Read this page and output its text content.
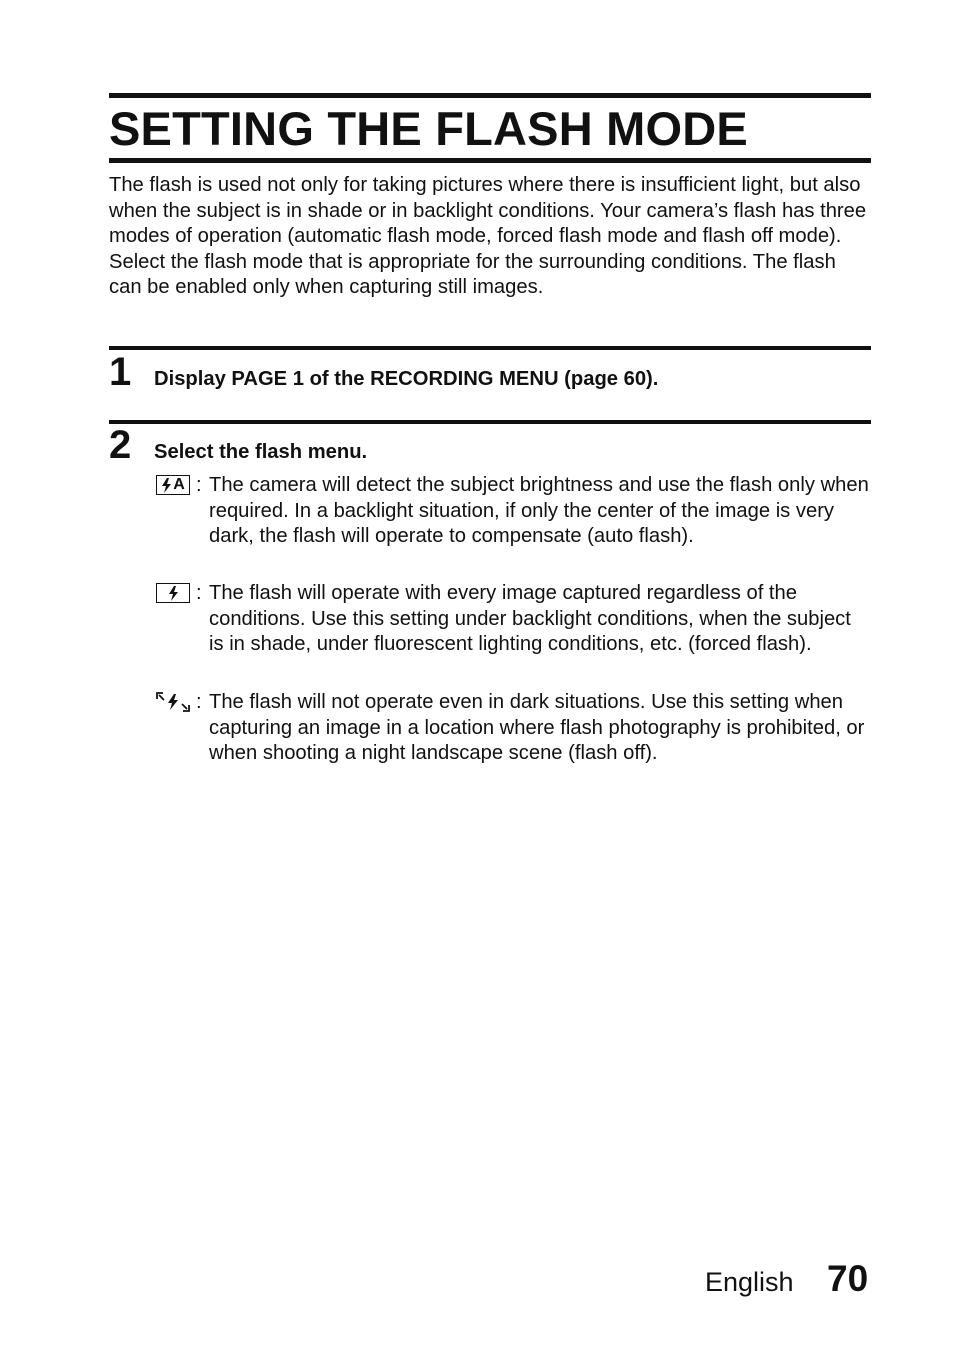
SETTING THE FLASH MODE

The flash is used not only for taking pictures where there is insufficient light, but also when the subject is in shade or in backlight conditions. Your camera’s flash has three modes of operation (automatic flash mode, forced flash mode and flash off mode). Select the flash mode that is appropriate for the surrounding conditions. The flash can be enabled only when capturing still images.

1 Display PAGE 1 of the RECORDING MENU (page 60).
2 Select the flash menu.
A : The camera will detect the subject brightness and use the flash only when required. In a backlight situation, if only the center of the image is very dark, the flash will operate to compensate (auto flash).

: The flash will operate with every image captured regardless of the conditions. Use this setting under backlight conditions, when the subject is in shade, under fluorescent lighting conditions, etc. (forced flash).

: The flash will not operate even in dark situations. Use this setting when capturing an image in a location where flash photography is prohibited, or when shooting a night landscape scene (flash off).

English 70
